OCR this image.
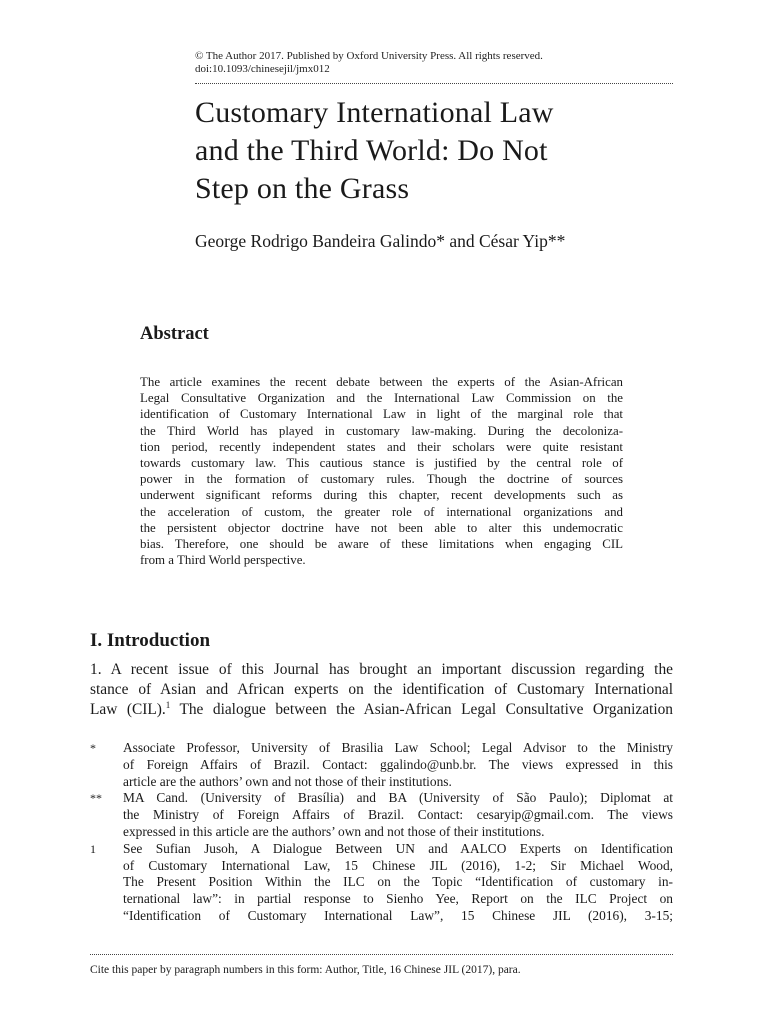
© The Author 2017. Published by Oxford University Press. All rights reserved.
doi:10.1093/chinesejil/jmx012
Customary International Law
and the Third World: Do Not
Step on the Grass
George Rodrigo Bandeira Galindo* and César Yip**
Abstract
The article examines the recent debate between the experts of the Asian-African
Legal Consultative Organization and the International Law Commission on the
identification of Customary International Law in light of the marginal role that
the Third World has played in customary law-making. During the decoloniza-
tion period, recently independent states and their scholars were quite resistant
towards customary law. This cautious stance is justified by the central role of
power in the formation of customary rules. Though the doctrine of sources
underwent significant reforms during this chapter, recent developments such as
the acceleration of custom, the greater role of international organizations and
the persistent objector doctrine have not been able to alter this undemocratic
bias. Therefore, one should be aware of these limitations when engaging CIL
from a Third World perspective.
I. Introduction
1. A recent issue of this Journal has brought an important discussion regarding the
stance of Asian and African experts on the identification of Customary International
Law (CIL).$^1$ The dialogue between the Asian-African Legal Consultative Organization
*	Associate Professor, University of Brasilia Law School; Legal Advisor to the Ministry
of Foreign Affairs of Brazil. Contact: ggalindo@unb.br. The views expressed in this
article are the authors’ own and not those of their institutions.
**	MA Cand. (University of Brasília) and BA (University of São Paulo); Diplomat at
the Ministry of Foreign Affairs of Brazil. Contact: cesaryip@gmail.com. The views
expressed in this article are the authors’ own and not those of their institutions.
1	See Sufian Jusoh, A Dialogue Between UN and AALCO Experts on Identification
of Customary International Law, 15 Chinese JIL (2016), 1-2; Sir Michael Wood,
The Present Position Within the ILC on the Topic “Identification of customary in-
ternational law”: in partial response to Sienho Yee, Report on the ILC Project on
“Identification of Customary International Law”, 15 Chinese JIL (2016), 3-15;
Cite this paper by paragraph numbers in this form: Author, Title, 16 Chinese JIL (2017), para.
